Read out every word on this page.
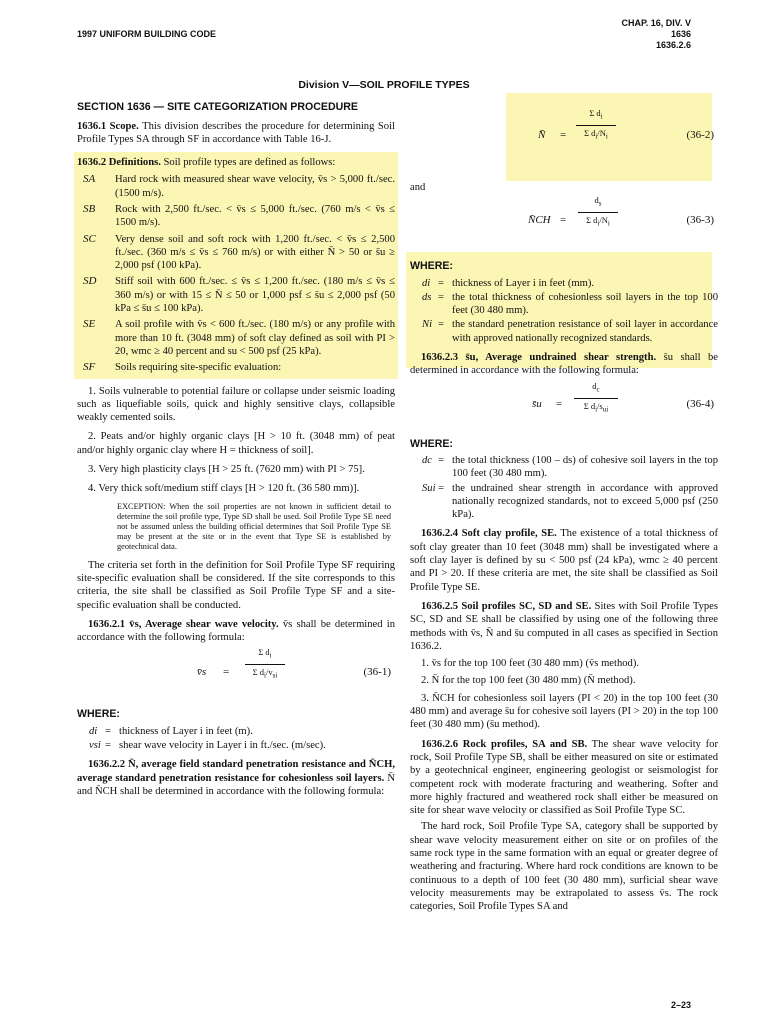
1997 UNIFORM BUILDING CODE
CHAP. 16, DIV. V
1636
1636.2.6
Division V—SOIL PROFILE TYPES
SECTION 1636 — SITE CATEGORIZATION PROCEDURE

1636.1 Scope. This division describes the procedure for determining Soil Profile Types SA through SF in accordance with Table 16-J.

1636.2 Definitions. Soil profile types are defined as follows:

SA	Hard rock with measured shear wave velocity, v̄s > 5,000 ft./sec. (1500 m/s).
SB	Rock with 2,500 ft./sec. < v̄s ≤ 5,000 ft./sec. (760 m/s < v̄s ≤ 1500 m/s).
SC	Very dense soil and soft rock with 1,200 ft./sec. < v̄s ≤ 2,500 ft./sec. (360 m/s ≤ v̄s ≤ 760 m/s) or with either N̄ > 50 or s̄u ≥ 2,000 psf (100 kPa).
SD	Stiff soil with 600 ft./sec. ≤ v̄s ≤ 1,200 ft./sec. (180 m/s ≤ v̄s ≤ 360 m/s) or with 15 ≤ N̄ ≤ 50 or 1,000 psf ≤ s̄u ≤ 2,000 psf (50 kPa ≤ s̄u ≤ 100 kPa).
SE	A soil profile with v̄s < 600 ft./sec. (180 m/s) or any profile with more than 10 ft. (3048 mm) of soft clay defined as soil with PI > 20, wmc ≥ 40 percent and su < 500 psf (25 kPa).
SF	Soils requiring site-specific evaluation:

1. Soils vulnerable to potential failure or collapse under seismic loading such as liquefiable soils, quick and highly sensitive clays, collapsible weakly cemented soils.

2. Peats and/or highly organic clays [H > 10 ft. (3048 mm) of peat and/or highly organic clay where H = thickness of soil].

3. Very high plasticity clays [H > 25 ft. (7620 mm) with PI > 75].

4. Very thick soft/medium stiff clays [H > 120 ft. (36 580 mm)].

EXCEPTION: When the soil properties are not known in sufficient detail to determine the soil profile type, Type SD shall be used. Soil Profile Type SE need not be assumed unless the building official determines that Soil Profile Type SE may be present at the site or in the event that Type SE is established by geotechnical data.

The criteria set forth in the definition for Soil Profile Type SF requiring site-specific evaluation shall be considered. If the site corresponds to this criteria, the site shall be classified as Soil Profile Type SF and a site-specific evaluation shall be conducted.

1636.2.1 v̄s, Average shear wave velocity. v̄s shall be determined in accordance with the following formula:

v̄s =
Σ $d_i$
Σ $d_i/v_{si}$	(36-1)
WHERE:
di = thickness of Layer i in feet (m).
vsi = shear wave velocity in Layer i in ft./sec. (m/sec).

1636.2.2 N̄, average field standard penetration resistance and N̄CH, average standard penetration resistance for cohesionless soil layers. N̄ and N̄CH shall be determined in accordance with the following formula:

N̄ =
Σ $d_i$
Σ $d_i/N_i$	(36-2)
and
N̄CH =
$d_s$
Σ $d_i/N_i$	(36-3)
WHERE:
di = thickness of Layer i in feet (mm).
ds = the total thickness of cohesionless soil layers in the top 100 feet (30 480 mm).
Ni = the standard penetration resistance of soil layer in accordance with approved nationally recognized standards.

1636.2.3 s̄u, Average undrained shear strength. s̄u shall be determined in accordance with the following formula:

s̄u =
$d_c$
Σ $d_i/s_{ui}$	(36-4)
WHERE:
dc = the total thickness (100 – ds) of cohesive soil layers in the top 100 feet (30 480 mm).
Sui = the undrained shear strength in accordance with approved nationally recognized standards, not to exceed 5,000 psf (250 kPa).

1636.2.4 Soft clay profile, SE. The existence of a total thickness of soft clay greater than 10 feet (3048 mm) shall be investigated where a soft clay layer is defined by su < 500 psf (24 kPa), wmc ≥ 40 percent and PI > 20. If these criteria are met, the site shall be classified as Soil Profile Type SE.

1636.2.5 Soil profiles SC, SD and SE. Sites with Soil Profile Types SC, SD and SE shall be classified by using one of the following three methods with v̄s, N̄ and s̄u computed in all cases as specified in Section 1636.2.

1. v̄s for the top 100 feet (30 480 mm) (v̄s method).

2. N̄ for the top 100 feet (30 480 mm) (N̄ method).

3. N̄CH for cohesionless soil layers (PI < 20) in the top 100 feet (30 480 mm) and average s̄u for cohesive soil layers (PI > 20) in the top 100 feet (30 480 mm) (s̄u method).

1636.2.6 Rock profiles, SA and SB. The shear wave velocity for rock, Soil Profile Type SB, shall be either measured on site or estimated by a geotechnical engineer, engineering geologist or seismologist for competent rock with moderate fracturing and weathering. Softer and more highly fractured and weathered rock shall either be measured on site for shear wave velocity or classified as Soil Profile Type SC.

The hard rock, Soil Profile Type SA, category shall be supported by shear wave velocity measurement either on site or on profiles of the same rock type in the same formation with an equal or greater degree of weathering and fracturing. Where hard rock conditions are known to be continuous to a depth of 100 feet (30 480 mm), surficial shear wave velocity measurements may be extrapolated to assess v̄s. The rock categories, Soil Profile Types SA and

2–23
